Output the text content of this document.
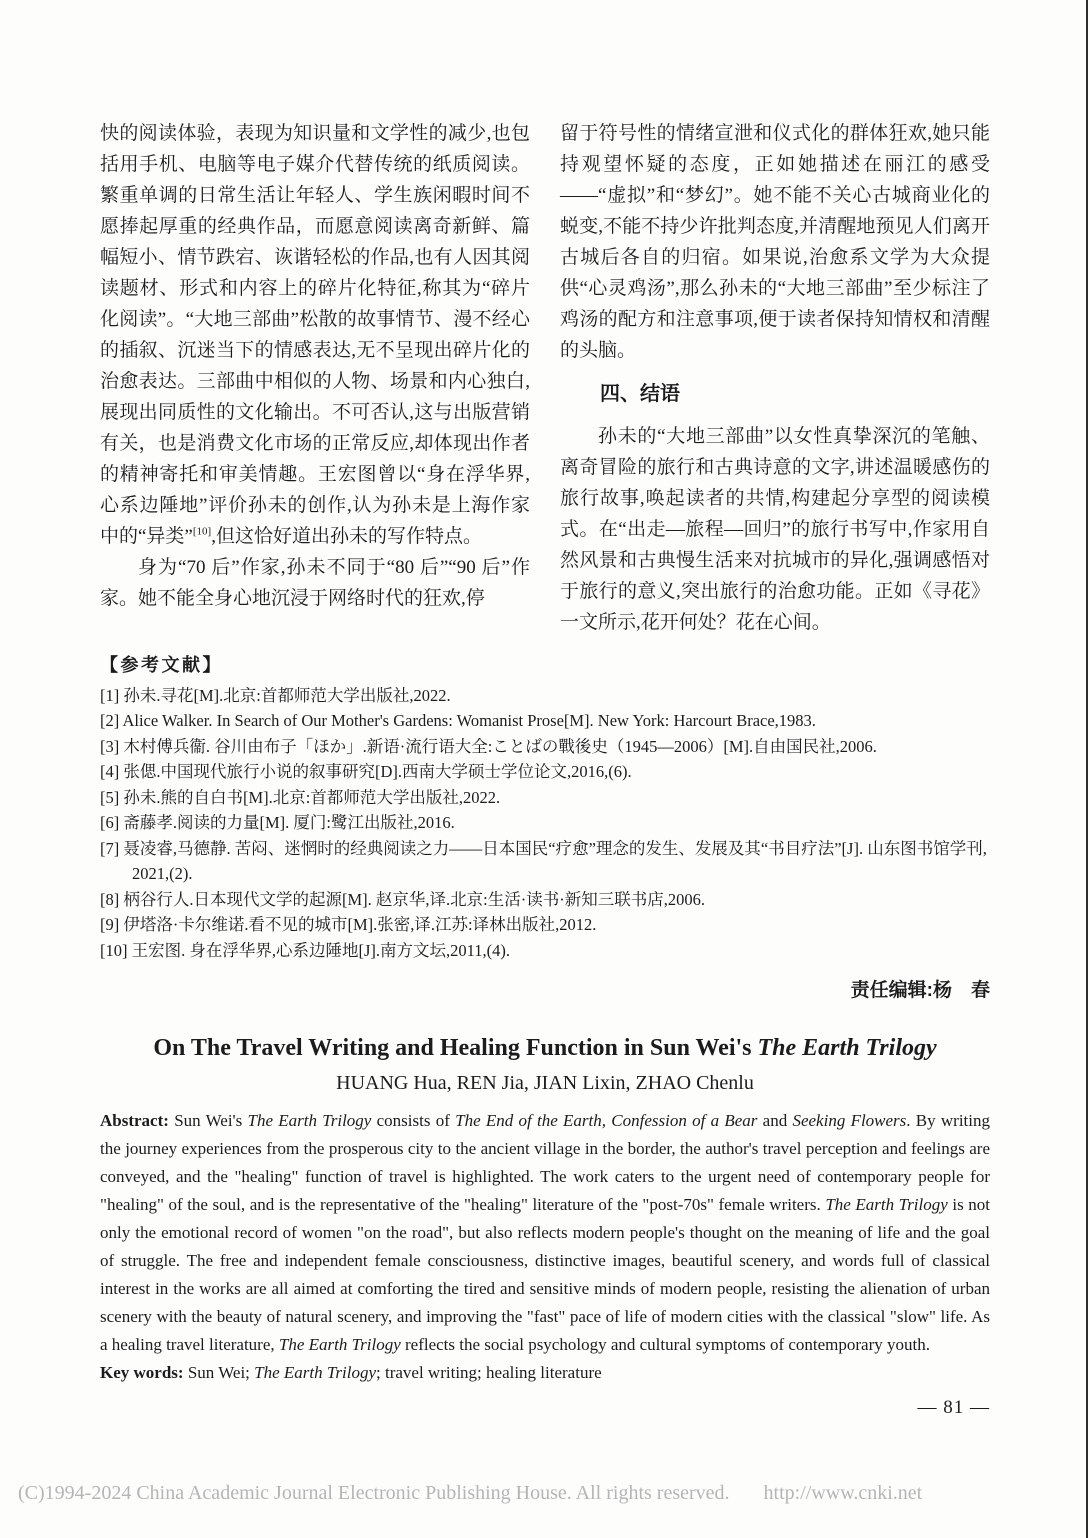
快的阅读体验，表现为知识量和文学性的减少,也包括用手机、电脑等电子媒介代替传统的纸质阅读。繁重单调的日常生活让年轻人、学生族闲暇时间不愿捧起厚重的经典作品，而愿意阅读离奇新鲜、篇幅短小、情节跌宕、诙谐轻松的作品,也有人因其阅读题材、形式和内容上的碎片化特征,称其为“碎片化阅读”。“大地三部曲”松散的故事情节、漫不经心的插叙、沉迷当下的情感表达,无不呈现出碎片化的治愈表达。三部曲中相似的人物、场景和内心独白,展现出同质性的文化输出。不可否认,这与出版营销有关，也是消费文化市场的正常反应,却体现出作者的精神寄托和审美情趣。王宏图曾以“身在浮华界,心系边陲地”评价孙未的创作,认为孙未是上海作家中的“异类”[10],但这恰好道出孙未的写作特点。

身为“70 后”作家,孙未不同于“80 后”“90 后”作家。她不能全身心地沉浸于网络时代的狂欢,停

留于符号性的情绪宣泄和仪式化的群体狂欢,她只能持观望怀疑的态度，正如她描述在丽江的感受——“虚拟”和“梦幻”。她不能不关心古城商业化的蜕变,不能不持少许批判态度,并清醒地预见人们离开古城后各自的归宿。如果说,治愈系文学为大众提供“心灵鸡汤”,那么孙未的“大地三部曲”至少标注了鸡汤的配方和注意事项,便于读者保持知情权和清醒的头脑。

四、结语

孙未的“大地三部曲”以女性真挚深沉的笔触、离奇冒险的旅行和古典诗意的文字,讲述温暖感伤的旅行故事,唤起读者的共情,构建起分享型的阅读模式。在“出走—旅程—回归”的旅行书写中,作家用自然风景和古典慢生活来对抗城市的异化,强调感悟对于旅行的意义,突出旅行的治愈功能。正如《寻花》一文所示,花开何处？花在心间。

【参考文献】

[1] 孙未.寻花[M].北京:首都师范大学出版社,2022.

[2] Alice Walker. In Search of Our Mother's Gardens: Womanist Prose[M]. New York: Harcourt Brace,1983.

[3] 木村傅兵衞. 谷川由布子「ほか」.新语·流行语大全:ことばの戰後史（1945—2006）[M].自由国民社,2006.

[4] 张偲.中国现代旅行小说的叙事研究[D].西南大学硕士学位论文,2016,(6).

[5] 孙未.熊的自白书[M].北京:首都师范大学出版社,2022.

[6] 斋藤孝.阅读的力量[M]. 厦门:鹭江出版社,2016.

[7] 聂凌睿,马德静. 苦闷、迷惘时的经典阅读之力——日本国民“疗愈”理念的发生、发展及其“书目疗法”[J]. 山东图书馆学刊, 2021,(2).

[8] 柄谷行人.日本现代文学的起源[M]. 赵京华,译.北京:生活·读书·新知三联书店,2006.

[9] 伊塔洛·卡尔维诺.看不见的城市[M].张密,译.江苏:译林出版社,2012.

[10] 王宏图. 身在浮华界,心系边陲地[J].南方文坛,2011,(4).

责任编辑:杨　春
On The Travel Writing and Healing Function in Sun Wei's The Earth Trilogy
HUANG Hua, REN Jia, JIAN Lixin, ZHAO Chenlu

Abstract: Sun Wei's The Earth Trilogy consists of The End of the Earth, Confession of a Bear and Seeking Flowers. By writing the journey experiences from the prosperous city to the ancient village in the border, the author's travel perception and feelings are conveyed, and the "healing" function of travel is highlighted. The work caters to the urgent need of contemporary people for "healing" of the soul, and is the representative of the "healing" literature of the "post-70s" female writers. The Earth Trilogy is not only the emotional record of women "on the road", but also reflects modern people's thought on the meaning of life and the goal of struggle. The free and independent female consciousness, distinctive images, beautiful scenery, and words full of classical interest in the works are all aimed at comforting the tired and sensitive minds of modern people, resisting the alienation of urban scenery with the beauty of natural scenery, and improving the "fast" pace of life of modern cities with the classical "slow" life. As a healing travel literature, The Earth Trilogy reflects the social psychology and cultural symptoms of contemporary youth.

Key words: Sun Wei; The Earth Trilogy; travel writing; healing literature

— 81 —
(C)1994-2024 China Academic Journal Electronic Publishing House. All rights reserved. http://www.cnki.net
